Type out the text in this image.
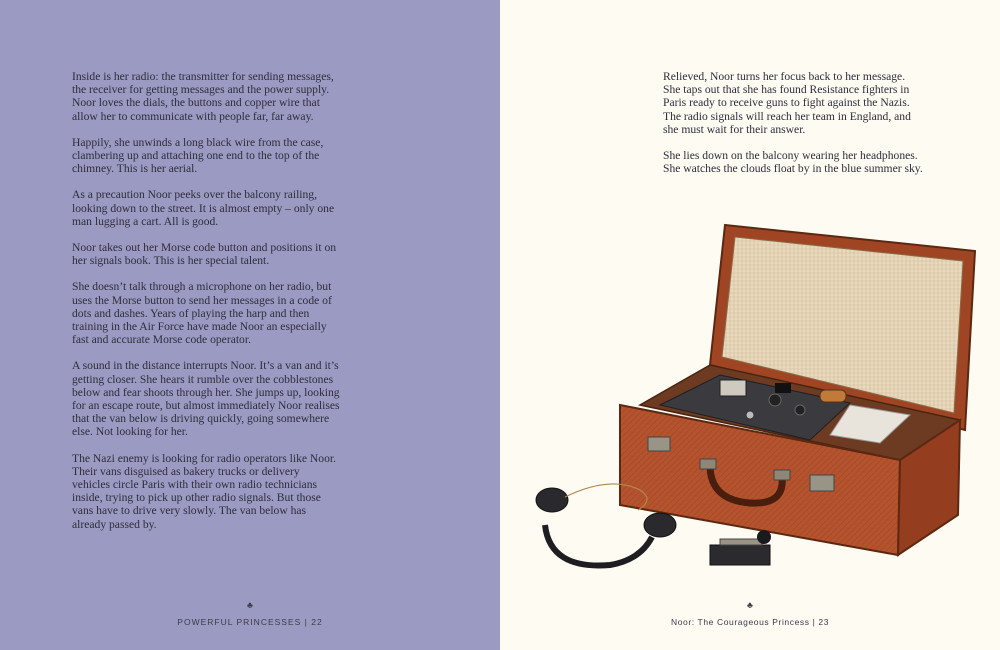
Inside is her radio: the transmitter for sending messages, the receiver for getting messages and the power supply. Noor loves the dials, the buttons and copper wire that allow her to communicate with people far, far away.

Happily, she unwinds a long black wire from the case, clambering up and attaching one end to the top of the chimney. This is her aerial.

As a precaution Noor peeks over the balcony railing, looking down to the street. It is almost empty – only one man lugging a cart. All is good.

Noor takes out her Morse code button and positions it on her signals book. This is her special talent.

She doesn’t talk through a microphone on her radio, but uses the Morse button to send her messages in a code of dots and dashes. Years of playing the harp and then training in the Air Force have made Noor an especially fast and accurate Morse code operator.

A sound in the distance interrupts Noor. It’s a van and it’s getting closer. She hears it rumble over the cobblestones below and fear shoots through her. She jumps up, looking for an escape route, but almost immediately Noor realises that the van below is driving quickly, going somewhere else. Not looking for her.

The Nazi enemy is looking for radio operators like Noor. Their vans disguised as bakery trucks or delivery vehicles circle Paris with their own radio technicians inside, trying to pick up other radio signals. But those vans have to drive very slowly. The van below has already passed by.

♣
POWERFUL PRINCESSES | 22

Relieved, Noor turns her focus back to her message. She taps out that she has found Resistance fighters in Paris ready to receive guns to fight against the Nazis. The radio signals will reach her team in England, and she must wait for their answer.

She lies down on the balcony wearing her headphones. She watches the clouds float by in the blue summer sky.

♣
Noor: The Courageous Princess | 23
